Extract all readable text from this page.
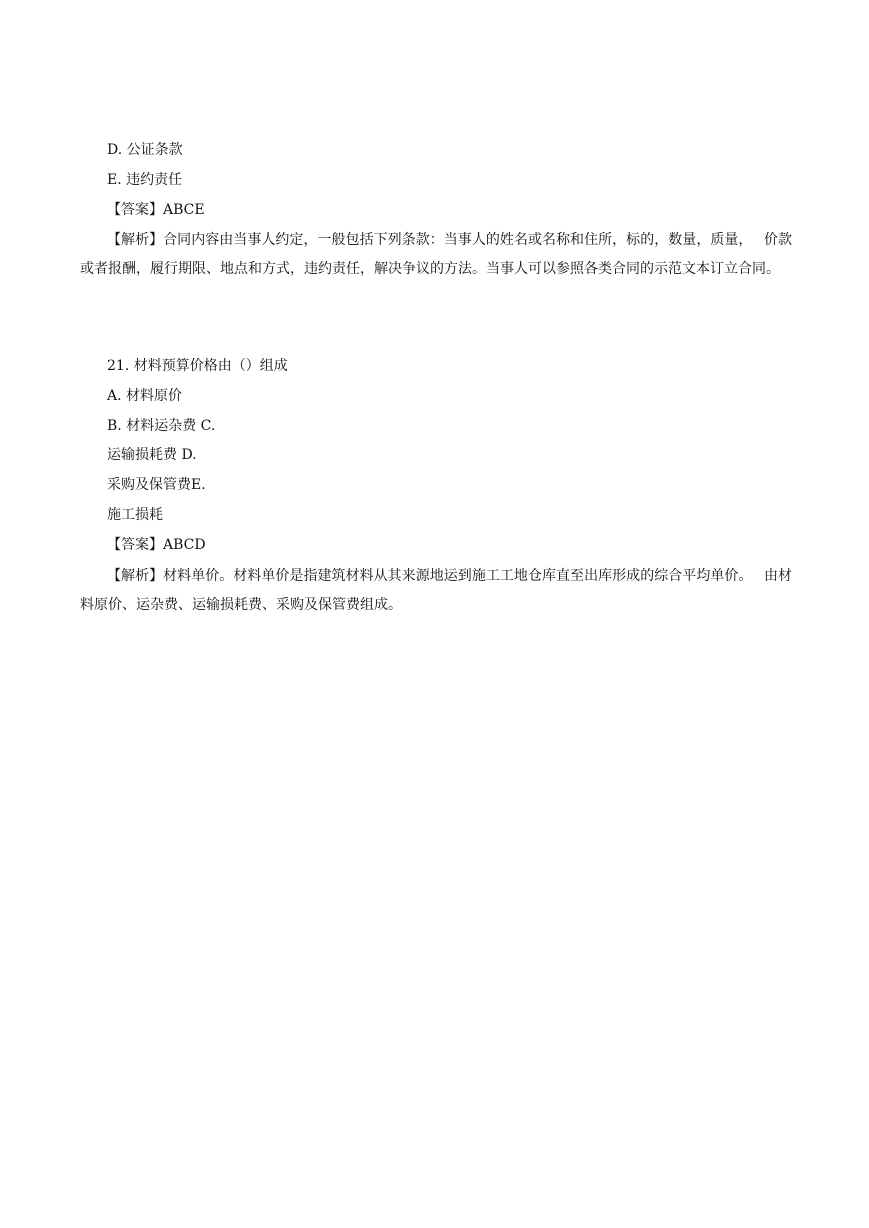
D. 公证条款
E. 违约责任
【答案】ABCE
【解析】合同内容由当事人约定，一般包括下列条款：当事人的姓名或名称和住所，标的，数量，质量，　 价款或者报酬，履行期限、地点和方式，违约责任，解决争议的方法。当事人可以参照各类合同的示范文本订立合同。
21. 材料预算价格由（）组成
A. 材料原价
B. 材料运杂费 C.
运输损耗费 D.
采购及保管费E.
施工损耗
【答案】ABCD
【解析】材料单价。材料单价是指建筑材料从其来源地运到施工工地仓库直至出库形成的综合平均单价。　 由材料原价、运杂费、运输损耗费、采购及保管费组成。
